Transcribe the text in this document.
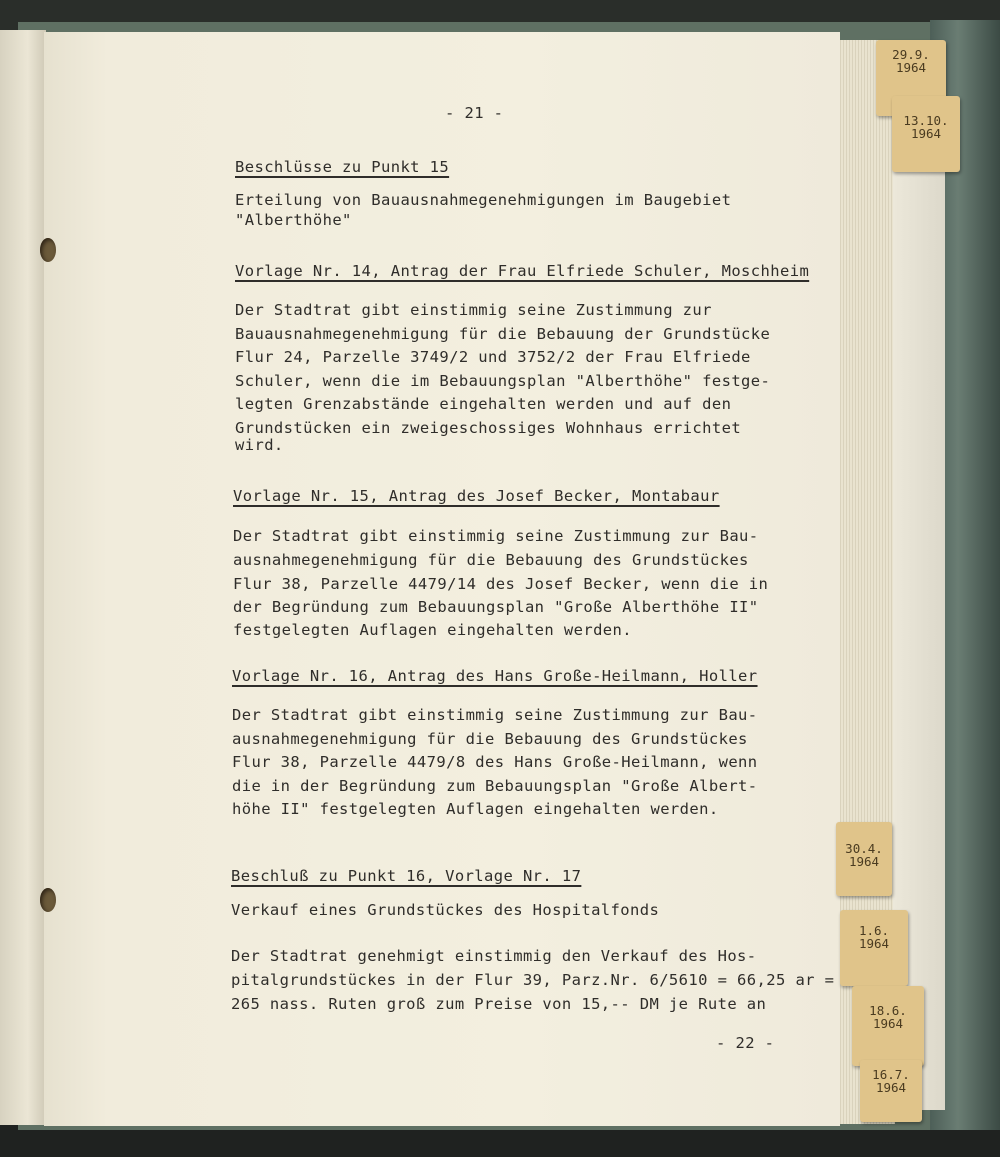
- 21 -
Beschlüsse zu Punkt 15
Erteilung von Bauausnahmegenehmigungen im Baugebiet
"Alberthöhe"
Vorlage Nr. 14, Antrag der Frau Elfriede Schuler, Moschheim
Der Stadtrat gibt einstimmig seine Zustimmung zur
Bauausnahmegenehmigung für die Bebauung der Grundstücke
Flur 24, Parzelle 3749/2 und 3752/2 der Frau Elfriede
Schuler, wenn die im Bebauungsplan "Alberthöhe" festge-
legten Grenzabstände eingehalten werden und auf den
Grundstücken ein zweigeschossiges Wohnhaus errichtet
wird.
Vorlage Nr. 15, Antrag des Josef Becker, Montabaur
Der Stadtrat gibt einstimmig seine Zustimmung zur Bau-
ausnahmegenehmigung für die Bebauung des Grundstückes
Flur 38, Parzelle 4479/14 des Josef Becker, wenn die in
der Begründung zum Bebauungsplan "Große Alberthöhe II"
festgelegten Auflagen eingehalten werden.
Vorlage Nr. 16, Antrag des Hans Große-Heilmann, Holler
Der Stadtrat gibt einstimmig seine Zustimmung zur Bau-
ausnahmegenehmigung für die Bebauung des Grundstückes
Flur 38, Parzelle 4479/8 des Hans Große-Heilmann, wenn
die in der Begründung zum Bebauungsplan "Große Albert-
höhe II" festgelegten Auflagen eingehalten werden.
Beschluß zu Punkt 16, Vorlage Nr. 17
Verkauf eines Grundstückes des Hospitalfonds
Der Stadtrat genehmigt einstimmig den Verkauf des Hos-
pitalgrundstückes in der Flur 39, Parz.Nr. 6/5610 = 66,25 ar =
265 nass. Ruten groß zum Preise von 15,-- DM je Rute an
- 22 -
29.9.
1964
13.10.
1964
30.4.
1964
1.6.
1964
18.6.
1964
16.7.
1964
